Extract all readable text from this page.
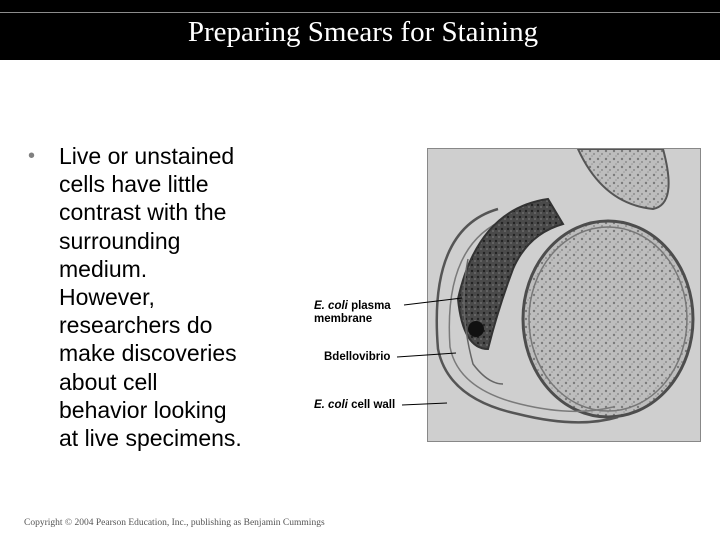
Preparing Smears for Staining
• Live or unstained
cells have little
contrast with the
surrounding
medium.
However,
researchers do
make discoveries
about cell
behavior looking
at live specimens.
E. coli plasma
membrane
Bdellovibrio
E. coli cell wall
Copyright © 2004 Pearson Education, Inc., publishing as Benjamin Cummings
